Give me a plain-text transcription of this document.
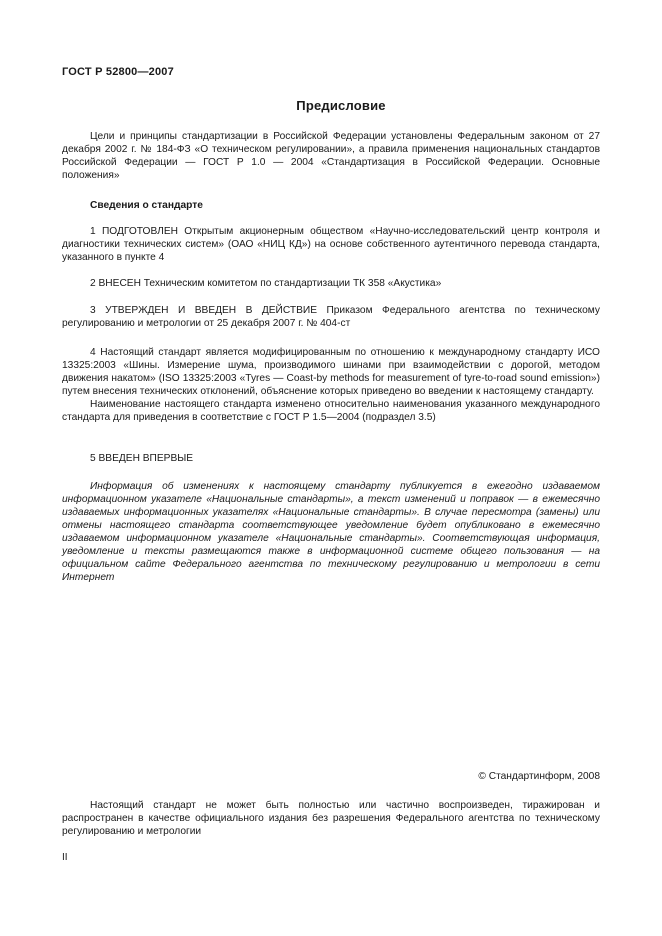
ГОСТ Р 52800—2007
Предисловие

Цели и принципы стандартизации в Российской Федерации установлены Федеральным законом от 27 декабря 2002 г. № 184-ФЗ «О техническом регулировании», а правила применения национальных стандартов Российской Федерации — ГОСТ Р 1.0 — 2004 «Стандартизация в Российской Федерации. Основные положения»

Сведения о стандарте

1 ПОДГОТОВЛЕН Открытым акционерным обществом «Научно-исследовательский центр контроля и диагностики технических систем» (ОАО «НИЦ КД») на основе собственного аутентичного перевода стандарта, указанного в пункте 4

2 ВНЕСЕН Техническим комитетом по стандартизации ТК 358 «Акустика»

3 УТВЕРЖДЕН И ВВЕДЕН В ДЕЙСТВИЕ Приказом Федерального агентства по техническому регулированию и метрологии от 25 декабря 2007 г. № 404-ст

4 Настоящий стандарт является модифицированным по отношению к международному стандарту ИСО 13325:2003 «Шины. Измерение шума, производимого шинами при взаимодействии с дорогой, методом движения накатом» (ISO 13325:2003 «Tyres — Coast-by methods for measurement of tyre-to-road sound emission») путем внесения технических отклонений, объяснение которых приведено во введении к настоящему стандарту.

Наименование настоящего стандарта изменено относительно наименования указанного международного стандарта для приведения в соответствие с ГОСТ Р 1.5—2004 (подраздел 3.5)

5 ВВЕДЕН ВПЕРВЫЕ

Информация об изменениях к настоящему стандарту публикуется в ежегодно издаваемом информационном указателе «Национальные стандарты», а текст изменений и поправок — в ежемесячно издаваемых информационных указателях «Национальные стандарты». В случае пересмотра (замены) или отмены настоящего стандарта соответствующее уведомление будет опубликовано в ежемесячно издаваемом информационном указателе «Национальные стандарты». Соответствующая информация, уведомление и тексты размещаются также в информационной системе общего пользования — на официальном сайте Федерального агентства по техническому регулированию и метрологии в сети Интернет

© Стандартинформ, 2008

Настоящий стандарт не может быть полностью или частично воспроизведен, тиражирован и распространен в качестве официального издания без разрешения Федерального агентства по техническому регулированию и метрологии

II
